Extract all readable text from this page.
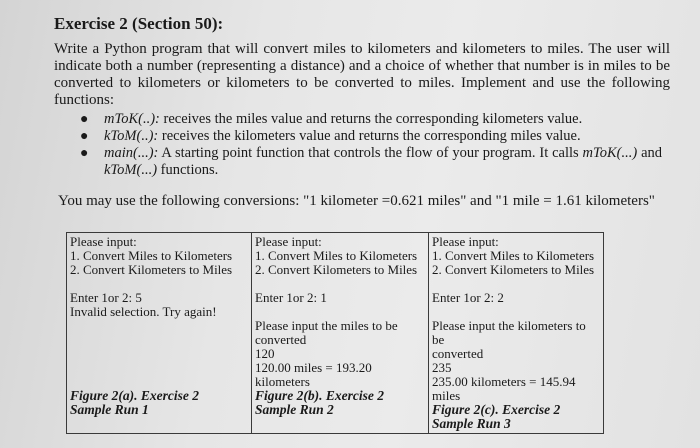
Exercise 2 (Section 50):
Write a Python program that will convert miles to kilometers and kilometers to miles. The user will indicate both a number (representing a distance) and a choice of whether that number is in miles to be converted to kilometers or kilometers to be converted to miles. Implement and use the following functions:
● mToK(..): receives the miles value and returns the corresponding kilometers value.
● kToM(..): receives the kilometers value and returns the corresponding miles value.
● main(...): A starting point function that controls the flow of your program. It calls mToK(...) and kToM(...) functions.
You may use the following conversions: "1 kilometer =0.621 miles" and "1 mile = 1.61 kilometers"
Please input:
1. Convert Miles to Kilometers
2. Convert Kilometers to Miles
Enter 1or 2: 5
Invalid selection. Try again!
Figure 2(a). Exercise 2
Sample Run 1

Please input:
1. Convert Miles to Kilometers
2. Convert Kilometers to Miles
Enter 1or 2: 1
Please input the miles to be
converted
120
120.00 miles = 193.20
kilometers
Figure 2(b). Exercise 2
Sample Run 2

Please input:
1. Convert Miles to Kilometers
2. Convert Kilometers to Miles
Enter 1or 2: 2
Please input the kilometers to be
converted
235
235.00 kilometers = 145.94
miles
Figure 2(c). Exercise 2
Sample Run 3
